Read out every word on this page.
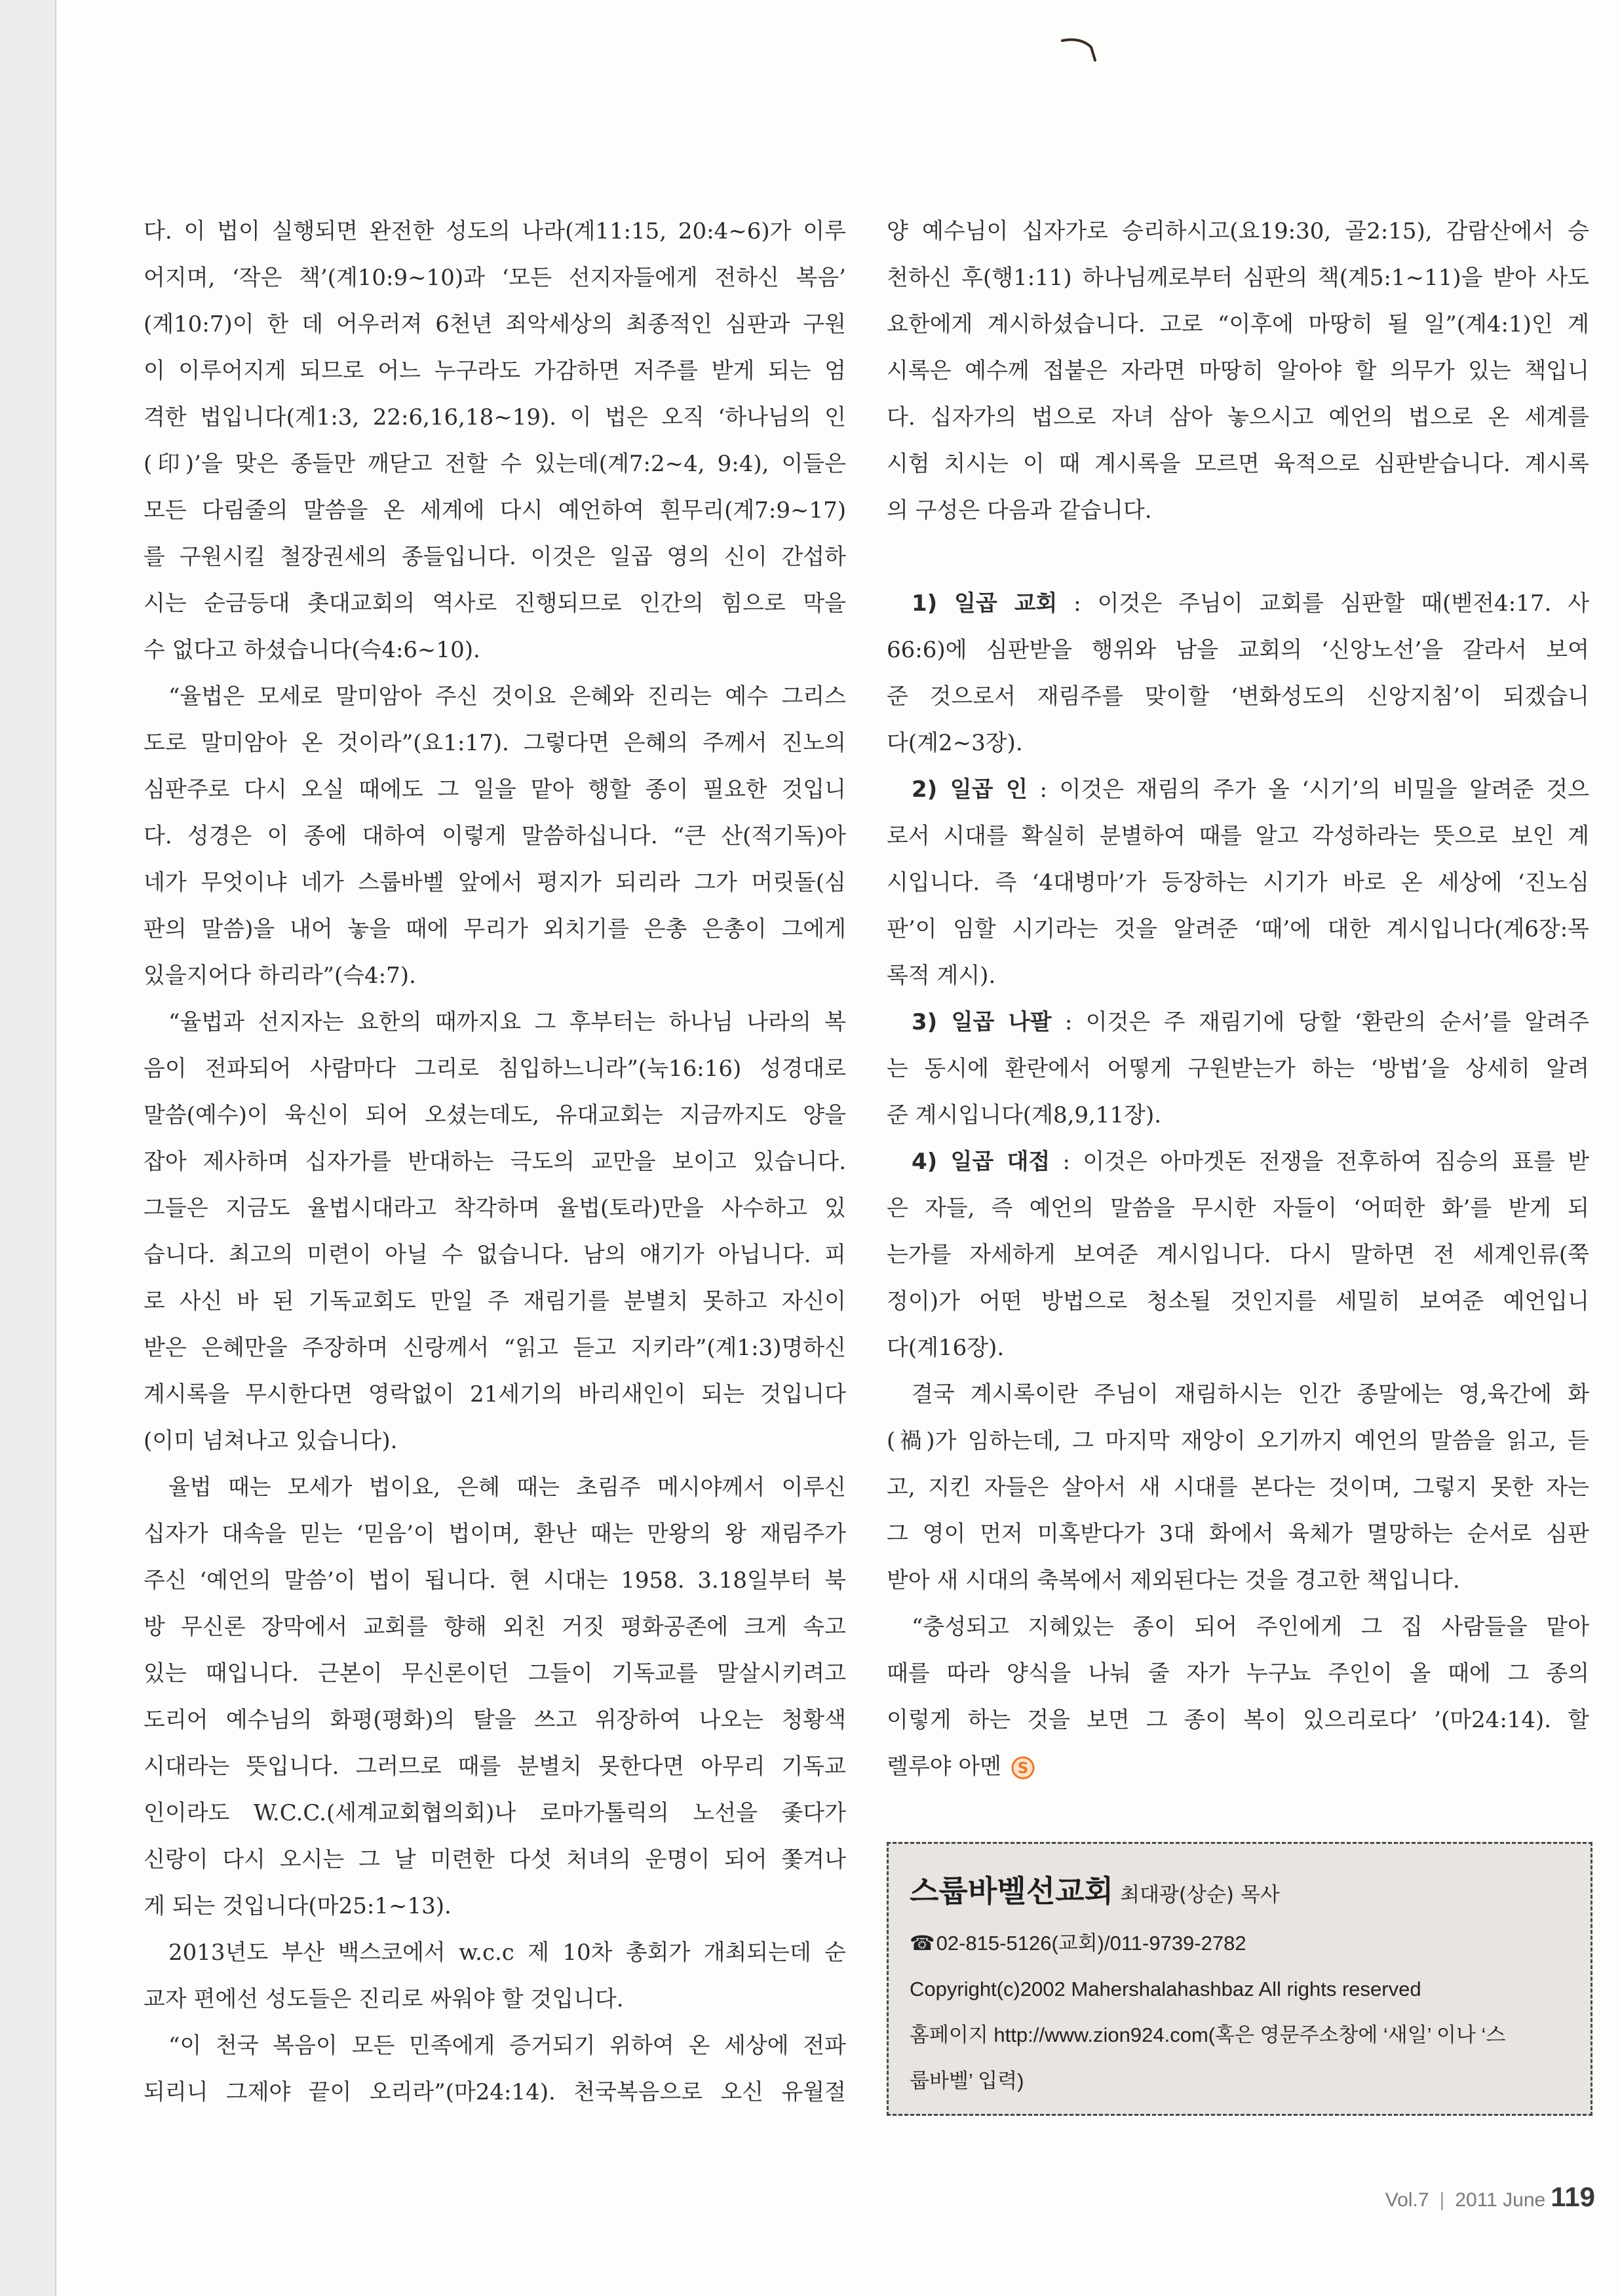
다. 이 법이 실행되면 완전한 성도의 나라(계11:15, 20:4~6)가 이루
어지며, ‘작은 책’(계10:9~10)과 ‘모든 선지자들에게 전하신 복음’
(계10:7)이 한 데 어우러져 6천년 죄악세상의 최종적인 심판과 구원
이 이루어지게 되므로 어느 누구라도 가감하면 저주를 받게 되는 엄
격한 법입니다(계1:3, 22:6,16,18~19). 이 법은 오직 ‘하나님의 인
(印)’을 맞은 종들만 깨닫고 전할 수 있는데(계7:2~4, 9:4), 이들은
모든 다림줄의 말씀을 온 세계에 다시 예언하여 흰무리(계7:9~17)
를 구원시킬 철장권세의 종들입니다. 이것은 일곱 영의 신이 간섭하
시는 순금등대 촛대교회의 역사로 진행되므로 인간의 힘으로 막을
수 없다고 하셨습니다(슥4:6~10).
“율법은 모세로 말미암아 주신 것이요 은혜와 진리는 예수 그리스
도로 말미암아 온 것이라”(요1:17). 그렇다면 은혜의 주께서 진노의
심판주로 다시 오실 때에도 그 일을 맡아 행할 종이 필요한 것입니
다. 성경은 이 종에 대하여 이렇게 말씀하십니다. “큰 산(적기독)아
네가 무엇이냐 네가 스룹바벨 앞에서 평지가 되리라 그가 머릿돌(심
판의 말씀)을 내어 놓을 때에 무리가 외치기를 은총 은총이 그에게
있을지어다 하리라”(슥4:7).
“율법과 선지자는 요한의 때까지요 그 후부터는 하나님 나라의 복
음이 전파되어 사람마다 그리로 침입하느니라”(눅16:16) 성경대로
말씀(예수)이 육신이 되어 오셨는데도, 유대교회는 지금까지도 양을
잡아 제사하며 십자가를 반대하는 극도의 교만을 보이고 있습니다.
그들은 지금도 율법시대라고 착각하며 율법(토라)만을 사수하고 있
습니다. 최고의 미련이 아닐 수 없습니다. 남의 얘기가 아닙니다. 피
로 사신 바 된 기독교회도 만일 주 재림기를 분별치 못하고 자신이
받은 은혜만을 주장하며 신랑께서 “읽고 듣고 지키라”(계1:3)명하신
계시록을 무시한다면 영락없이 21세기의 바리새인이 되는 것입니다
(이미 넘쳐나고 있습니다).
율법 때는 모세가 법이요, 은혜 때는 초림주 메시야께서 이루신
십자가 대속을 믿는 ‘믿음’이 법이며, 환난 때는 만왕의 왕 재림주가
주신 ‘예언의 말씀’이 법이 됩니다. 현 시대는 1958. 3.18일부터 북
방 무신론 장막에서 교회를 향해 외친 거짓 평화공존에 크게 속고
있는 때입니다. 근본이 무신론이던 그들이 기독교를 말살시키려고
도리어 예수님의 화평(평화)의 탈을 쓰고 위장하여 나오는 청황색
시대라는 뜻입니다. 그러므로 때를 분별치 못한다면 아무리 기독교
인이라도 W.C.C.(세계교회협의회)나 로마가톨릭의 노선을 좇다가
신랑이 다시 오시는 그 날 미련한 다섯 처녀의 운명이 되어 쫓겨나
게 되는 것입니다(마25:1~13).
2013년도 부산 백스코에서 w.c.c 제 10차 총회가 개최되는데 순
교자 편에선 성도들은 진리로 싸워야 할 것입니다.
“이 천국 복음이 모든 민족에게 증거되기 위하여 온 세상에 전파
되리니 그제야 끝이 오리라”(마24:14). 천국복음으로 오신 유월절
양 예수님이 십자가로 승리하시고(요19:30, 골2:15), 감람산에서 승
천하신 후(행1:11) 하나님께로부터 심판의 책(계5:1~11)을 받아 사도
요한에게 계시하셨습니다. 고로 “이후에 마땅히 될 일”(계4:1)인 계
시록은 예수께 접붙은 자라면 마땅히 알아야 할 의무가 있는 책입니
다. 십자가의 법으로 자녀 삼아 놓으시고 예언의 법으로 온 세계를
시험 치시는 이 때 계시록을 모르면 육적으로 심판받습니다. 계시록
의 구성은 다음과 같습니다.
1) 일곱 교회 : 이것은 주님이 교회를 심판할 때(벧전4:17. 사
66:6)에 심판받을 행위와 남을 교회의 ‘신앙노선’을 갈라서 보여
준 것으로서 재림주를 맞이할 ‘변화성도의 신앙지침’이 되겠습니
다(계2~3장).
2) 일곱 인 : 이것은 재림의 주가 올 ‘시기’의 비밀을 알려준 것으
로서 시대를 확실히 분별하여 때를 알고 각성하라는 뜻으로 보인 계
시입니다. 즉 ‘4대병마’가 등장하는 시기가 바로 온 세상에 ‘진노심
판’이 임할 시기라는 것을 알려준 ‘때’에 대한 계시입니다(계6장:목
록적 계시).
3) 일곱 나팔 : 이것은 주 재림기에 당할 ‘환란의 순서’를 알려주
는 동시에 환란에서 어떻게 구원받는가 하는 ‘방법’을 상세히 알려
준 계시입니다(계8,9,11장).
4) 일곱 대접 : 이것은 아마겟돈 전쟁을 전후하여 짐승의 표를 받
은 자들, 즉 예언의 말씀을 무시한 자들이 ‘어떠한 화’를 받게 되
는가를 자세하게 보여준 계시입니다. 다시 말하면 전 세계인류(쭉
정이)가 어떤 방법으로 청소될 것인지를 세밀히 보여준 예언입니
다(계16장).
결국 계시록이란 주님이 재림하시는 인간 종말에는 영,육간에 화
(禍)가 임하는데, 그 마지막 재앙이 오기까지 예언의 말씀을 읽고, 듣
고, 지킨 자들은 살아서 새 시대를 본다는 것이며, 그렇지 못한 자는
그 영이 먼저 미혹받다가 3대 화에서 육체가 멸망하는 순서로 심판
받아 새 시대의 축복에서 제외된다는 것을 경고한 책입니다.
“충성되고 지혜있는 종이 되어 주인에게 그 집 사람들을 맡아
때를 따라 양식을 나눠 줄 자가 누구뇨 주인이 올 때에 그 종의
이렇게 하는 것을 보면 그 종이 복이 있으리로다’ ’(마24:14). 할
렐루야 아멘 S
스룹바벨선교회 최대광(상순) 목사
☎02-815-5126(교회)/011-9739-2782
Copyright(c)2002 Mahershalahashbaz All rights reserved
홈페이지 http://www.zion924.com(혹은 영문주소창에 ‘새일’ 이나 ‘스
룹바벨’ 입력)
Vol.7 | 2011 June 119
